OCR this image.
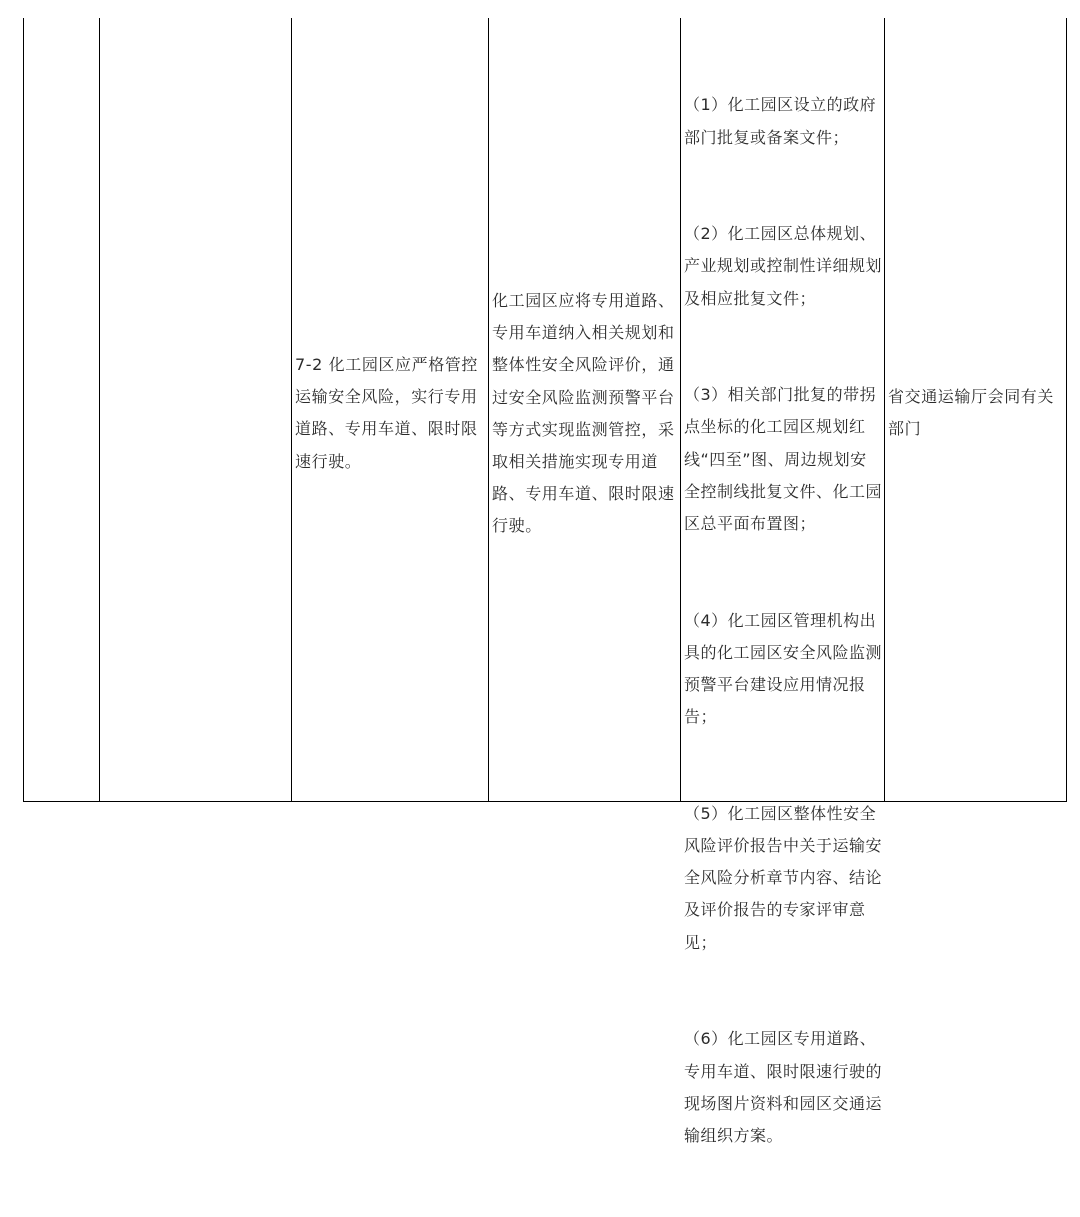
7-2 化工园区应严格管控运输安全风险，实行专用道路、专用车道、限时限速行驶。
化工园区应将专用道路、专用车道纳入相关规划和整体性安全风险评价，通过安全风险监测预警平台等方式实现监测管控，采取相关措施实现专用道路、专用车道、限时限速行驶。

（1）化工园区设立的政府部门批复或备案文件；

（2）化工园区总体规划、产业规划或控制性详细规划及相应批复文件；

（3）相关部门批复的带拐点坐标的化工园区规划红线“四至”图、周边规划安全控制线批复文件、化工园区总平面布置图；

（4）化工园区管理机构出具的化工园区安全风险监测预警平台建设应用情况报告；

（5）化工园区整体性安全风险评价报告中关于运输安全风险分析章节内容、结论及评价报告的专家评审意见；

（6）化工园区专用道路、专用车道、限时限速行驶的现场图片资料和园区交通运输组织方案。

省交通运输厅会同有关部门
